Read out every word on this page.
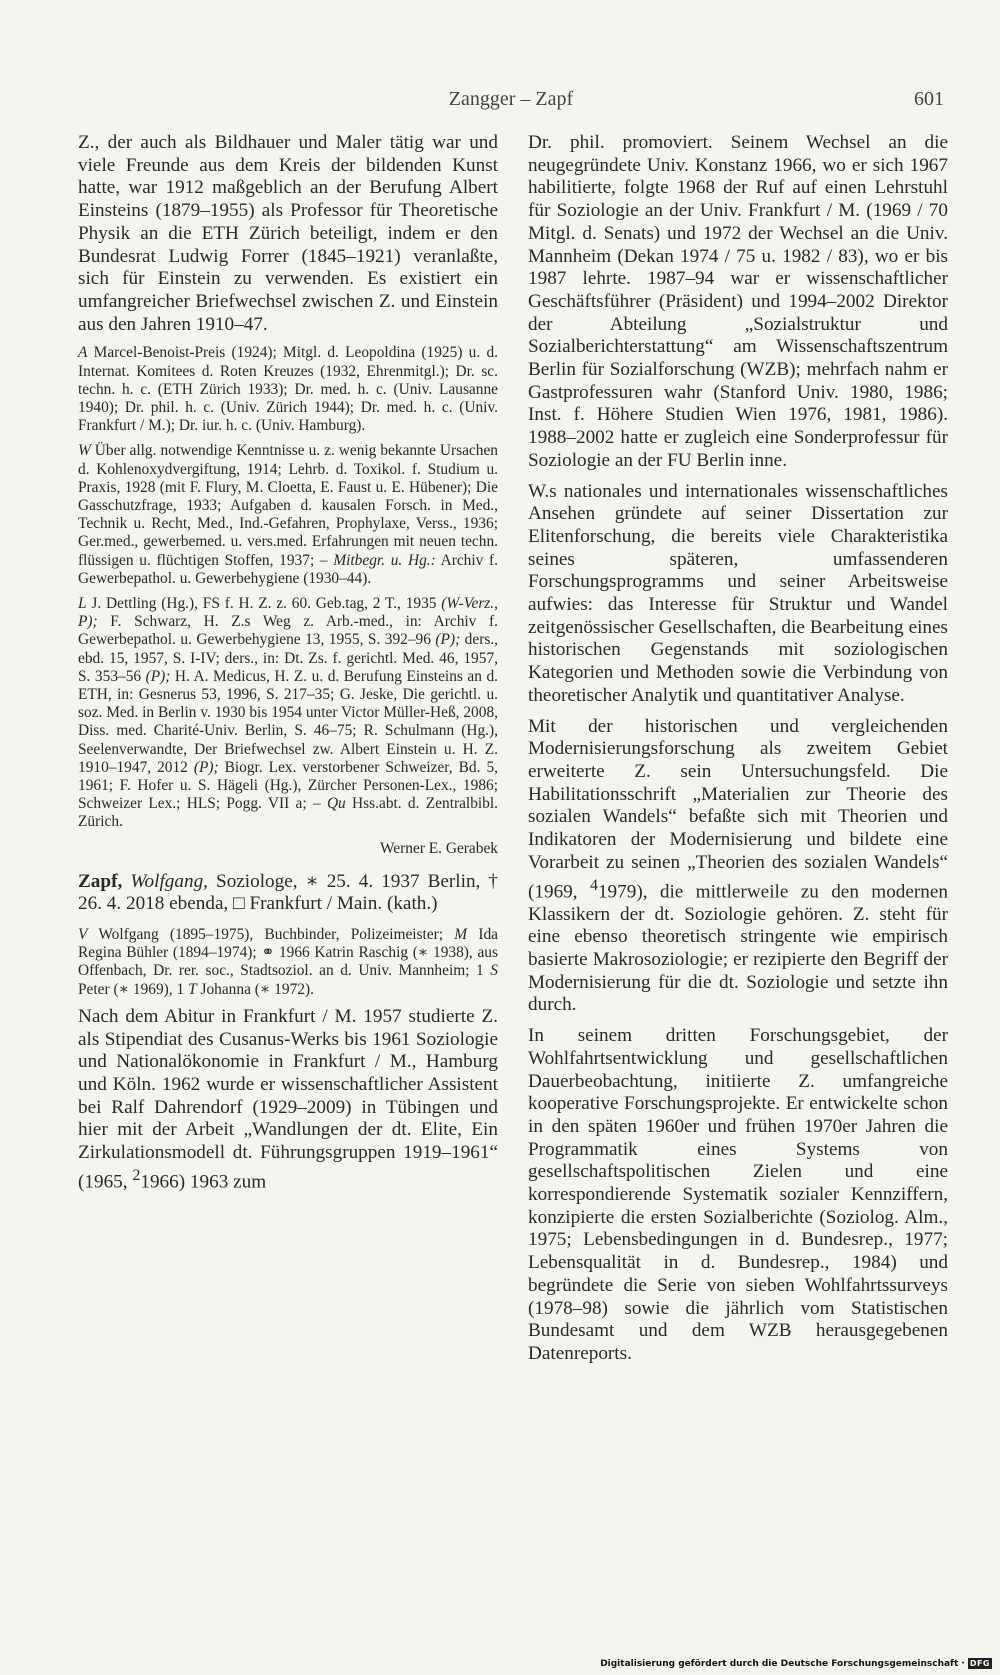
Zangger – Zapf	601

Z., der auch als Bildhauer und Maler tätig war und viele Freunde aus dem Kreis der bildenden Kunst hatte, war 1912 maßgeblich an der Berufung Albert Einsteins (1879–1955) als Professor für Theoretische Physik an die ETH Zürich beteiligt, indem er den Bundesrat Ludwig Forrer (1845–1921) veranlaßte, sich für Einstein zu verwenden. Es existiert ein umfangreicher Briefwechsel zwischen Z. und Einstein aus den Jahren 1910–47.

A Marcel-Benoist-Preis (1924); Mitgl. d. Leopoldina (1925) u. d. Internat. Komitees d. Roten Kreuzes (1932, Ehrenmitgl.); Dr. sc. techn. h. c. (ETH Zürich 1933); Dr. med. h. c. (Univ. Lausanne 1940); Dr. phil. h. c. (Univ. Zürich 1944); Dr. med. h. c. (Univ. Frankfurt / M.); Dr. iur. h. c. (Univ. Hamburg).

W Über allg. notwendige Kenntnisse u. z. wenig bekannte Ursachen d. Kohlenoxydvergiftung, 1914; Lehrb. d. Toxikol. f. Studium u. Praxis, 1928 (mit F. Flury, M. Cloetta, E. Faust u. E. Hübener); Die Gasschutzfrage, 1933; Aufgaben d. kausalen Forsch. in Med., Technik u. Recht, Med., Ind.-Gefahren, Prophylaxe, Verss., 1936; Ger.med., gewerbemed. u. vers.med. Erfahrungen mit neuen techn. flüssigen u. flüchtigen Stoffen, 1937; – Mitbegr. u. Hg.: Archiv f. Gewerbepathol. u. Gewerbehygiene (1930–44).

L J. Dettling (Hg.), FS f. H. Z. z. 60. Geb.tag, 2 T., 1935 (W-Verz., P); F. Schwarz, H. Z.s Weg z. Arb.-med., in: Archiv f. Gewerbepathol. u. Gewerbehygiene 13, 1955, S. 392–96 (P); ders., ebd. 15, 1957, S. I-IV; ders., in: Dt. Zs. f. gerichtl. Med. 46, 1957, S. 353–56 (P); H. A. Medicus, H. Z. u. d. Berufung Einsteins an d. ETH, in: Gesnerus 53, 1996, S. 217–35; G. Jeske, Die gerichtl. u. soz. Med. in Berlin v. 1930 bis 1954 unter Victor Müller-Heß, 2008, Diss. med. Charité-Univ. Berlin, S. 46–75; R. Schulmann (Hg.), Seelenverwandte, Der Briefwechsel zw. Albert Einstein u. H. Z. 1910–1947, 2012 (P); Biogr. Lex. verstorbener Schweizer, Bd. 5, 1961; F. Hofer u. S. Hägeli (Hg.), Zürcher Personen-Lex., 1986; Schweizer Lex.; HLS; Pogg. VII a; – Qu Hss.abt. d. Zentralbibl. Zürich.

Werner E. Gerabek

Zapf, Wolfgang, Soziologe, ∗ 25. 4. 1937 Berlin, † 26. 4. 2018 ebenda, □ Frankfurt / Main. (kath.)

V Wolfgang (1895–1975), Buchbinder, Polizeimeister; M Ida Regina Bühler (1894–1974); ⚭ 1966 Katrin Raschig (∗ 1938), aus Offenbach, Dr. rer. soc., Stadtsoziol. an d. Univ. Mannheim; 1 S Peter (∗ 1969), 1 T Johanna (∗ 1972).

Nach dem Abitur in Frankfurt / M. 1957 studierte Z. als Stipendiat des Cusanus-Werks bis 1961 Soziologie und Nationalökonomie in Frankfurt / M., Hamburg und Köln. 1962 wurde er wissenschaftlicher Assistent bei Ralf Dahrendorf (1929–2009) in Tübingen und hier mit der Arbeit „Wandlungen der dt. Elite, Ein Zirkulationsmodell dt. Führungsgruppen 1919–1961“ (1965, $^2$1966) 1963 zum

Dr. phil. promoviert. Seinem Wechsel an die neugegründete Univ. Konstanz 1966, wo er sich 1967 habilitierte, folgte 1968 der Ruf auf einen Lehrstuhl für Soziologie an der Univ. Frankfurt / M. (1969 / 70 Mitgl. d. Senats) und 1972 der Wechsel an die Univ. Mannheim (Dekan 1974 / 75 u. 1982 / 83), wo er bis 1987 lehrte. 1987–94 war er wissenschaftlicher Geschäftsführer (Präsident) und 1994–2002 Direktor der Abteilung „Sozialstruktur und Sozialberichterstattung“ am Wissenschaftszentrum Berlin für Sozialforschung (WZB); mehrfach nahm er Gastprofessuren wahr (Stanford Univ. 1980, 1986; Inst. f. Höhere Studien Wien 1976, 1981, 1986). 1988–2002 hatte er zugleich eine Sonderprofessur für Soziologie an der FU Berlin inne.

W.s nationales und internationales wissenschaftliches Ansehen gründete auf seiner Dissertation zur Elitenforschung, die bereits viele Charakteristika seines späteren, umfassenderen Forschungsprogramms und seiner Arbeitsweise aufwies: das Interesse für Struktur und Wandel zeitgenössischer Gesellschaften, die Bearbeitung eines historischen Gegenstands mit soziologischen Kategorien und Methoden sowie die Verbindung von theoretischer Analytik und quantitativer Analyse.

Mit der historischen und vergleichenden Modernisierungsforschung als zweitem Gebiet erweiterte Z. sein Untersuchungsfeld. Die Habilitationsschrift „Materialien zur Theorie des sozialen Wandels“ befaßte sich mit Theorien und Indikatoren der Modernisierung und bildete eine Vorarbeit zu seinen „Theorien des sozialen Wandels“ (1969, $^4$1979), die mittlerweile zu den modernen Klassikern der dt. Soziologie gehören. Z. steht für eine ebenso theoretisch stringente wie empirisch basierte Makrosoziologie; er rezipierte den Begriff der Modernisierung für die dt. Soziologie und setzte ihn durch.

In seinem dritten Forschungsgebiet, der Wohlfahrtsentwicklung und gesellschaftlichen Dauerbeobachtung, initiierte Z. umfangreiche kooperative Forschungsprojekte. Er entwickelte schon in den späten 1960er und frühen 1970er Jahren die Programmatik eines Systems von gesellschaftspolitischen Zielen und eine korrespondierende Systematik sozialer Kennziffern, konzipierte die ersten Sozialberichte (Soziolog. Alm., 1975; Lebensbedingungen in d. Bundesrep., 1977; Lebensqualität in d. Bundesrep., 1984) und begründete die Serie von sieben Wohlfahrtssurveys (1978–98) sowie die jährlich vom Statistischen Bundesamt und dem WZB herausgegebenen Datenreports.

Digitalisierung gefördert durch die Deutsche Forschungsgemeinschaft · DFG
